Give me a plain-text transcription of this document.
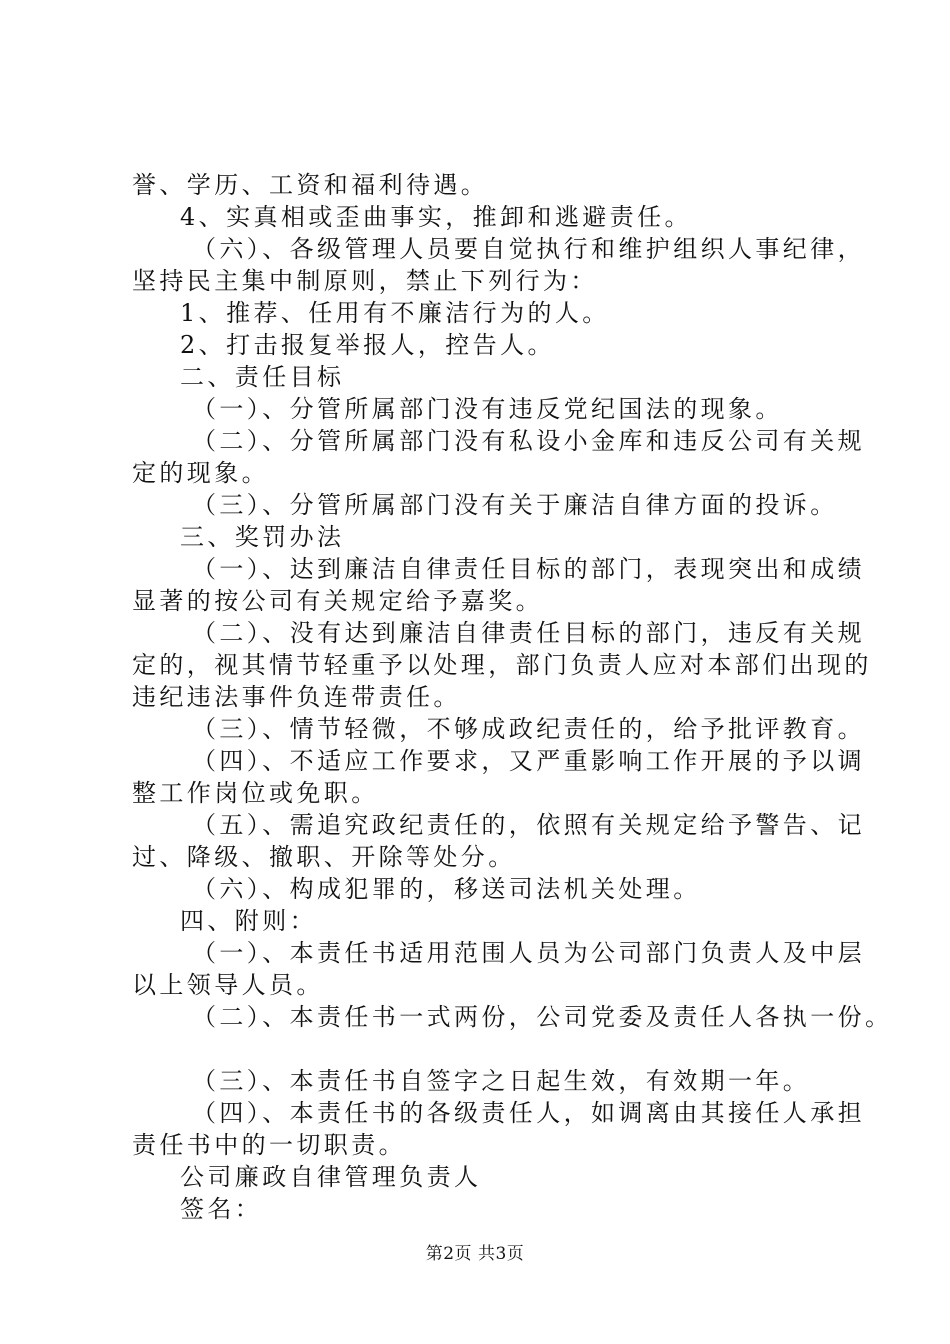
誉、学历、工资和福利待遇。
4、实真相或歪曲事实，推卸和逃避责任。
（六）、各级管理人员要自觉执行和维护组织人事纪律，
坚持民主集中制原则，禁止下列行为：
1、推荐、任用有不廉洁行为的人。
2、打击报复举报人，控告人。
二、责任目标
（一）、分管所属部门没有违反党纪国法的现象。
（二）、分管所属部门没有私设小金库和违反公司有关规
定的现象。
（三）、分管所属部门没有关于廉洁自律方面的投诉。
三、奖罚办法
（一）、达到廉洁自律责任目标的部门，表现突出和成绩
显著的按公司有关规定给予嘉奖。
（二）、没有达到廉洁自律责任目标的部门，违反有关规
定的，视其情节轻重予以处理，部门负责人应对本部们出现的
违纪违法事件负连带责任。
（三）、情节轻微，不够成政纪责任的，给予批评教育。
（四）、不适应工作要求，又严重影响工作开展的予以调
整工作岗位或免职。
（五）、需追究政纪责任的，依照有关规定给予警告、记
过、降级、撤职、开除等处分。
（六）、构成犯罪的，移送司法机关处理。
四、附则：
（一）、本责任书适用范围人员为公司部门负责人及中层
以上领导人员。
（二）、本责任书一式两份，公司党委及责任人各执一份。
（三）、本责任书自签字之日起生效，有效期一年。
（四）、本责任书的各级责任人，如调离由其接任人承担
责任书中的一切职责。
公司廉政自律管理负责人
签名：
第2页 共3页
